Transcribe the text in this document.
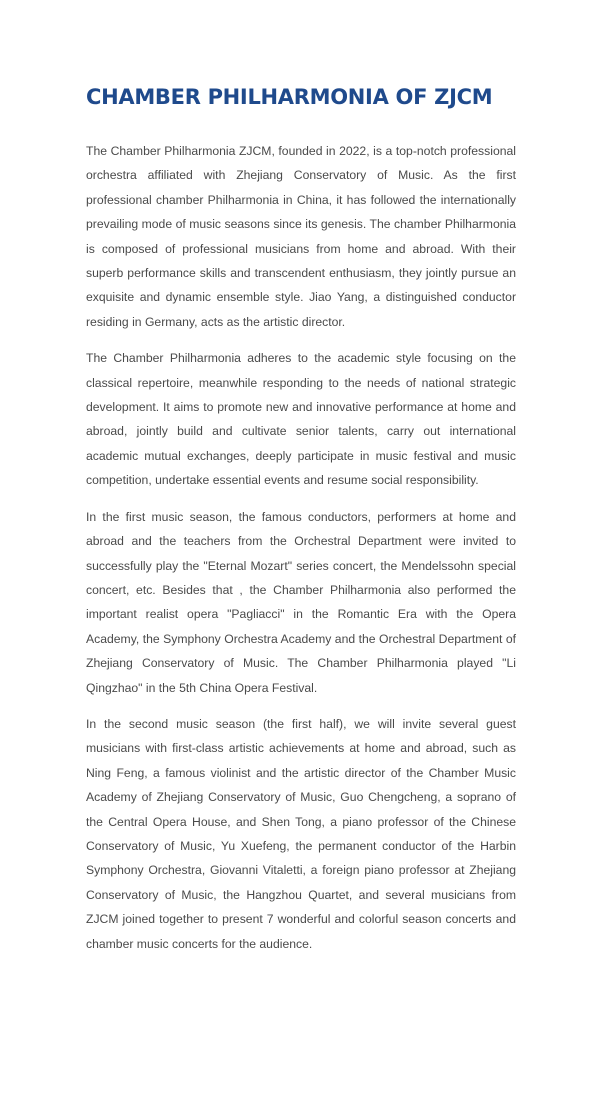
CHAMBER PHILHARMONIA OF ZJCM

The Chamber Philharmonia ZJCM, founded in 2022, is a top-notch professional orchestra affiliated with Zhejiang Conservatory of Music. As the first professional chamber Philharmonia in China, it has followed the internationally prevailing mode of music seasons since its genesis. The chamber Philharmonia is composed of professional musicians from home and abroad. With their superb performance skills and transcendent enthusiasm, they jointly pursue an exquisite and dynamic ensemble style. Jiao Yang, a distinguished conductor residing in Germany, acts as the artistic director.

The Chamber Philharmonia adheres to the academic style focusing on the classical repertoire, meanwhile responding to the needs of national strategic development. It aims to promote new and innovative performance at home and abroad, jointly build and cultivate senior talents, carry out international academic mutual exchanges, deeply participate in music festival and music competition, undertake essential events and resume social responsibility.

In the first music season, the famous conductors, performers at home and abroad and the teachers from the Orchestral Department were invited to successfully play the "Eternal Mozart" series concert, the Mendelssohn special concert, etc. Besides that , the Chamber Philharmonia also performed the important realist opera "Pagliacci" in the Romantic Era with the Opera Academy, the Symphony Orchestra Academy and the Orchestral Department of Zhejiang Conservatory of Music. The Chamber Philharmonia played "Li Qingzhao" in the 5th China Opera Festival.

In the second music season (the first half), we will invite several guest musicians with first-class artistic achievements at home and abroad, such as Ning Feng, a famous violinist and the artistic director of the Chamber Music Academy of Zhejiang Conservatory of Music, Guo Chengcheng, a soprano of the Central Opera House, and Shen Tong, a piano professor of the Chinese Conservatory of Music, Yu Xuefeng, the permanent conductor of the Harbin Symphony Orchestra, Giovanni Vitaletti, a foreign piano professor at Zhejiang Conservatory of Music, the Hangzhou Quartet, and several musicians from ZJCM joined together to present 7 wonderful and colorful season concerts and chamber music concerts for the audience.
